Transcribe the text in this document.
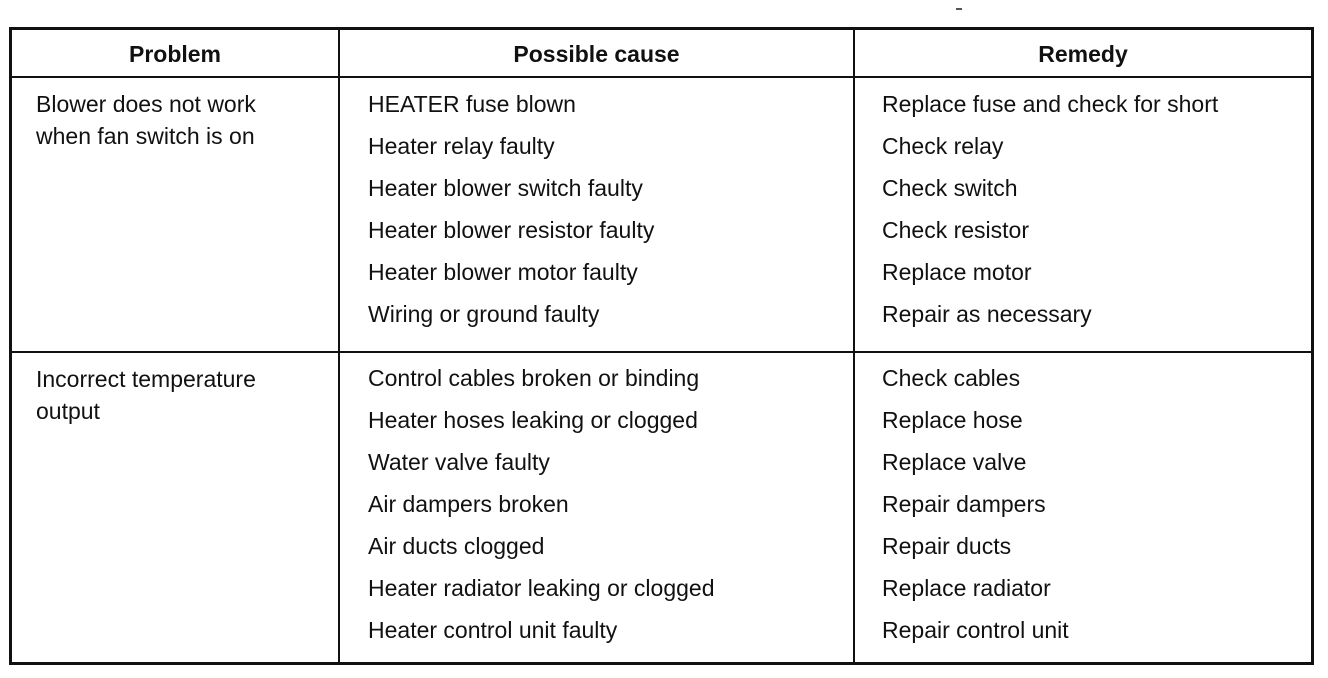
Problem	Possible cause	Remedy
Blower does not work
when fan switch is on
HEATER fuse blown
Heater relay faulty
Heater blower switch faulty
Heater blower resistor faulty
Heater blower motor faulty
Wiring or ground faulty
Replace fuse and check for short
Check relay
Check switch
Check resistor
Replace motor
Repair as necessary
Incorrect temperature
output
Control cables broken or binding
Heater hoses leaking or clogged
Water valve faulty
Air dampers broken
Air ducts clogged
Heater radiator leaking or clogged
Heater control unit faulty
Check cables
Replace hose
Replace valve
Repair dampers
Repair ducts
Replace radiator
Repair control unit
